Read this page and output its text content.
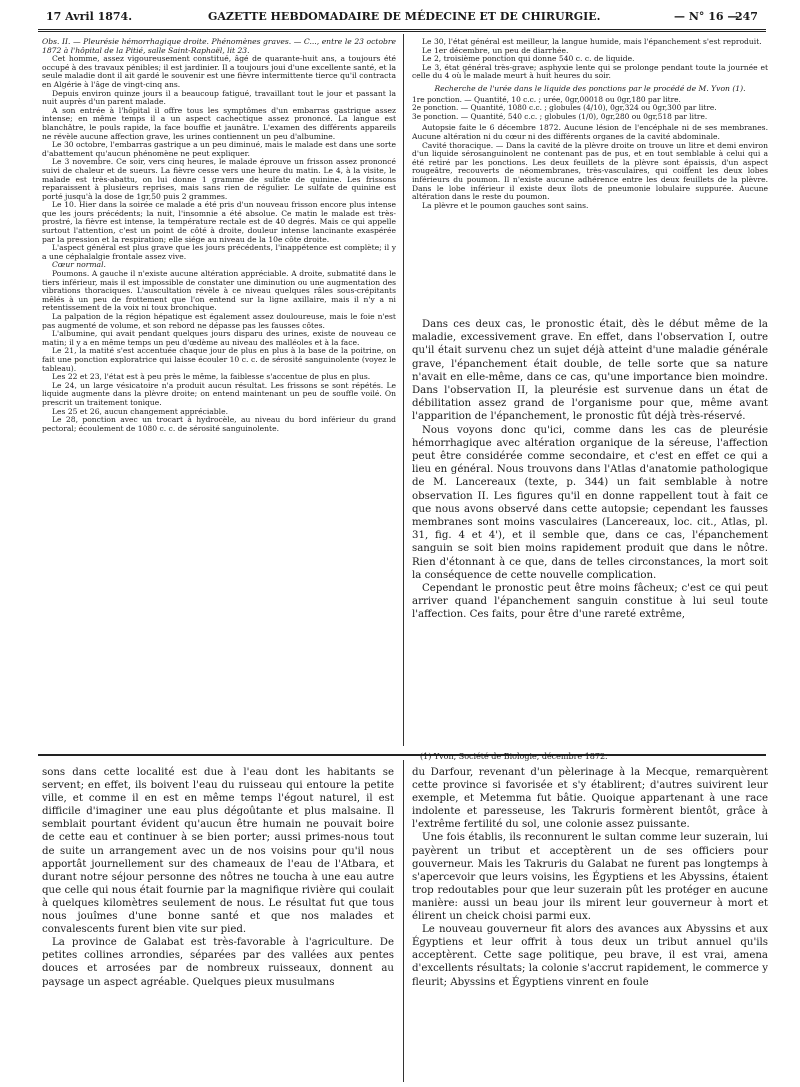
17 Avril 1874.	GAZETTE HEBDOMADAIRE DE MÉDECINE ET DE CHIRURGIE.	— N° 16 —
247

Obs. II. — Pleurésie hémorrhagique droite. Phénomènes graves. — C..., entre le 23 octobre 1872 à l'hôpital de la Pitié, salle Saint-Raphaël, lit 23.

Cet homme, assez vigoureusement constitué, âgé de quarante-huit ans, a toujours été occupé à des travaux pénibles; il est jardinier. Il a toujours joui d'une excellente santé, et la seule maladie dont il ait gardé le souvenir est une fièvre intermittente tierce qu'il contracta en Algérie à l'âge de vingt-cinq ans.

Depuis environ quinze jours il a beaucoup fatigué, travaillant tout le jour et passant la nuit auprès d'un parent malade.

A son entrée à l'hôpital il offre tous les symptômes d'un embarras gastrique assez intense; en même temps il a un aspect cachectique assez prononcé. La langue est blanchâtre, le pouls rapide, la face bouffie et jaunâtre. L'examen des différents appareils ne révèle aucune affection grave, les urines contiennent un peu d'albumine.

Le 30 octobre, l'embarras gastrique a un peu diminué, mais le malade est dans une sorte d'abattement qu'aucun phénomène ne peut expliquer.

Le 3 novembre. Ce soir, vers cinq heures, le malade éprouve un frisson assez prononcé suivi de chaleur et de sueurs. La fièvre cesse vers une heure du matin. Le 4, à la visite, le malade est très-abattu, on lui donne 1 gramme de sulfate de quinine. Les frissons reparaissent à plusieurs reprises, mais sans rien de régulier. Le sulfate de quinine est porté jusqu'à la dose de 1gr,50 puis 2 grammes.

Le 10. Hier dans la soirée ce malade a été pris d'un nouveau frisson encore plus intense que les jours précédents; la nuit, l'insomnie a été absolue. Ce matin le malade est très-prostré, la fièvre est intense, la température rectale est de 40 degrés. Mais ce qui appelle surtout l'attention, c'est un point de côté à droite, douleur intense lancinante exaspérée par la pression et la respiration; elle siége au niveau de la 10e côte droite.

L'aspect général est plus grave que les jours précédents, l'inappétence est complète; il y a une céphalalgie frontale assez vive.

Cœur normal.

Poumons. A gauche il n'existe aucune altération appréciable. A droite, submatité dans le tiers inférieur, mais il est impossible de constater une diminution ou une augmentation des vibrations thoraciques. L'auscultation révèle à ce niveau quelques râles sous-crépitants mêlés à un peu de frottement que l'on entend sur la ligne axillaire, mais il n'y a ni retentissement de la voix ni toux bronchique.

La palpation de la région hépatique est également assez douloureuse, mais le foie n'est pas augmenté de volume, et son rebord ne dépasse pas les fausses côtes.

L'albumine, qui avait pendant quelques jours disparu des urines, existe de nouveau ce matin; il y a en même temps un peu d'œdème au niveau des malléoles et à la face.

Le 21, la matité s'est accentuée chaque jour de plus en plus à la base de la poitrine, on fait une ponction exploratrice qui laisse écouler 10 c. c. de sérosité sanguinolente (voyez le tableau).

Les 22 et 23, l'état est à peu près le même, la faiblesse s'accentue de plus en plus.

Le 24, un large vésicatoire n'a produit aucun résultat. Les frissons se sont répétés. Le liquide augmente dans la plèvre droite; on entend maintenant un peu de souffle voilé. On prescrit un traitement tonique.

Les 25 et 26, aucun changement appréciable.

Le 28, ponction avec un trocart à hydrocèle, au niveau du bord inférieur du grand pectoral; écoulement de 1080 c. c. de sérosité sanguinolente.

Le 30, l'état général est meilleur, la langue humide, mais l'épanchement s'est reproduit.

Le 1er décembre, un peu de diarrhée.

Le 2, troisième ponction qui donne 540 c. c. de liquide.

Le 3, état général très-grave; asphyxie lente qui se prolonge pendant toute la journée et celle du 4 où le malade meurt à huit heures du soir.

Recherche de l'urée dans le liquide des ponctions par le procédé de M. Yvon (1).

1re ponction. — Quantité, 10 c.c. ; urée, 0gr,00018 ou 0gr,180 par litre.
2e ponction. — Quantité, 1080 c.c. ; globules (4/10), 0gr,324 ou 0gr,300 par litre.
3e ponction. — Quantité, 540 c.c. ; globules (1/0), 0gr,280 ou 0gr,518 par litre.

Autopsie faite le 6 décembre 1872. Aucune lésion de l'encéphale ni de ses membranes. Aucune altération ni du cœur ni des différents organes de la cavité abdominale.

Cavité thoracique. — Dans la cavité de la plèvre droite on trouve un litre et demi environ d'un liquide sérosanguinolent ne contenant pas de pus, et en tout semblable à celui qui a été retiré par les ponctions. Les deux feuillets de la plèvre sont épaissis, d'un aspect rougeâtre, recouverts de néomembranes, très-vasculaires, qui coiffent les deux lobes inférieurs du poumon. Il n'existe aucune adhérence entre les deux feuillets de la plèvre. Dans le lobe inférieur il existe deux îlots de pneumonie lobulaire suppurée. Aucune altération dans le reste du poumon.

La plèvre et le poumon gauches sont sains.

Dans ces deux cas, le pronostic était, dès le début même de la maladie, excessivement grave. En effet, dans l'observation I, outre qu'il était survenu chez un sujet déjà atteint d'une maladie générale grave, l'épanchement était double, de telle sorte que sa nature n'avait en elle-même, dans ce cas, qu'une importance bien moindre. Dans l'observation II, la pleurésie est survenue dans un état de débilitation assez grand de l'organisme pour que, même avant l'apparition de l'épanchement, le pronostic fût déjà très-réservé.

Nous voyons donc qu'ici, comme dans les cas de pleurésie hémorrhagique avec altération organique de la séreuse, l'affection peut être considérée comme secondaire, et c'est en effet ce qui a lieu en général. Nous trouvons dans l'Atlas d'anatomie pathologique de M. Lancereaux (texte, p. 344) un fait semblable à notre observation II. Les figures qu'il en donne rappellent tout à fait ce que nous avons observé dans cette autopsie; cependant les fausses membranes sont moins vasculaires (Lancereaux, loc. cit., Atlas, pl. 31, fig. 4 et 4'), et il semble que, dans ce cas, l'épanchement sanguin se soit bien moins rapidement produit que dans le nôtre. Rien d'étonnant à ce que, dans de telles circonstances, la mort soit la conséquence de cette nouvelle complication.

Cependant le pronostic peut être moins fâcheux; c'est ce qui peut arriver quand l'épanchement sanguin constitue à lui seul toute l'affection. Ces faits, pour être d'une rareté extrême,

(1) Yvon, Société de Biologie, décembre 1872.

sons dans cette localité est due à l'eau dont les habitants se servent; en effet, ils boivent l'eau du ruisseau qui entoure la petite ville, et comme il en est en même temps l'égout naturel, il est difficile d'imaginer une eau plus dégoûtante et plus malsaine. Il semblait pourtant évident qu'aucun être humain ne pouvait boire de cette eau et continuer à se bien porter; aussi primes-nous tout de suite un arrangement avec un de nos voisins pour qu'il nous apportât journellement sur des chameaux de l'eau de l'Atbara, et durant notre séjour personne des nôtres ne toucha à une eau autre que celle qui nous était fournie par la magnifique rivière qui coulait à quelques kilomètres seulement de nous. Le résultat fut que tous nous jouîmes d'une bonne santé et que nos malades et convalescents furent bien vite sur pied.

La province de Galabat est très-favorable à l'agriculture. De petites collines arrondies, séparées par des vallées aux pentes douces et arrosées par de nombreux ruisseaux, donnent au paysage un aspect agréable. Quelques pieux musulmans

du Darfour, revenant d'un pèlerinage à la Mecque, remarquèrent cette province si favorisée et s'y établirent; d'autres suivirent leur exemple, et Metemma fut bâtie. Quoique appartenant à une race indolente et paresseuse, les Takruris formèrent bientôt, grâce à l'extrême fertilité du sol, une colonie assez puissante.

Une fois établis, ils reconnurent le sultan comme leur suzerain, lui payèrent un tribut et acceptèrent un de ses officiers pour gouverneur. Mais les Takruris du Galabat ne furent pas longtemps à s'apercevoir que leurs voisins, les Égyptiens et les Abyssins, étaient trop redoutables pour que leur suzerain pût les protéger en aucune manière: aussi un beau jour ils mirent leur gouverneur à mort et élirent un cheick choisi parmi eux.

Le nouveau gouverneur fit alors des avances aux Abyssins et aux Égyptiens et leur offrit à tous deux un tribut annuel qu'ils acceptèrent. Cette sage politique, peu brave, il est vrai, amena d'excellents résultats; la colonie s'accrut rapidement, le commerce y fleurit; Abyssins et Égyptiens vinrent en foule
